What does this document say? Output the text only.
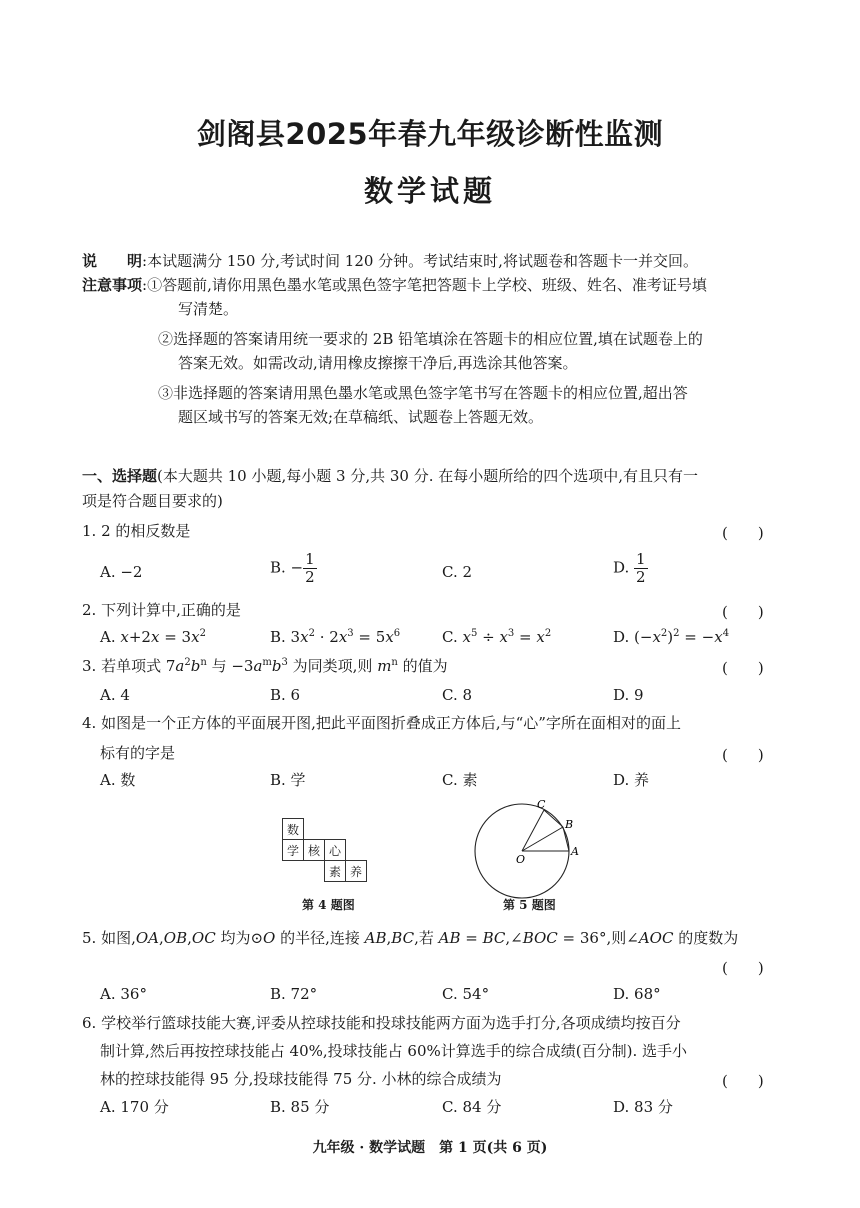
剑阁县2025年春九年级诊断性监测
数学试题
说　　明:本试题满分 150 分,考试时间 120 分钟。考试结束时,将试题卷和答题卡一并交回。
注意事项:①答题前,请你用黑色墨水笔或黑色签字笔把答题卡上学校、班级、姓名、准考证号填
写清楚。
②选择题的答案请用统一要求的 2B 铅笔填涂在答题卡的相应位置,填在试题卷上的
答案无效。如需改动,请用橡皮擦擦干净后,再选涂其他答案。
③非选择题的答案请用黑色墨水笔或黑色签字笔书写在答题卡的相应位置,超出答
题区域书写的答案无效;在草稿纸、试题卷上答题无效。
一、选择题(本大题共 10 小题,每小题 3 分,共 30 分. 在每小题所给的四个选项中,有且只有一
项是符合题目要求的)
1. 2 的相反数是	(　　)
A. −2	B. − $\frac{1}{2}$	C. 2	D. $\frac{1}{2}$
2. 下列计算中,正确的是	(　　)
A. $x+2x = 3x^2$	B. $3x^2 \cdot 2x^3 = 5x^6$	C. $x^5 \div x^3 = x^2$	D. $(-x^2)^2 = -x^4$
3. 若单项式 $7a^2b^n$ 与 $-3a^mb^3$ 为同类项,则 $m^n$ 的值为	(　　)
A. 4	B. 6	C. 8	D. 9
4. 如图是一个正方体的平面展开图,把此平面图折叠成正方体后,与“心”字所在面相对的面上
标有的字是	(　　)
A. 数	B. 学	C. 素	D. 养
数
学 核 心
素 养
第 4 题图
C
B
A
O
第 5 题图
5. 如图,OA,OB,OC 均为⊙O 的半径,连接 AB,BC,若 AB = BC,∠BOC = 36°,则∠AOC 的度数为
(　　)
A. 36°	B. 72°	C. 54°	D. 68°
6. 学校举行篮球技能大赛,评委从控球技能和投球技能两方面为选手打分,各项成绩均按百分
制计算,然后再按控球技能占 40%,投球技能占 60%计算选手的综合成绩(百分制). 选手小
林的控球技能得 95 分,投球技能得 75 分. 小林的综合成绩为	(　　)
A. 170 分	B. 85 分	C. 84 分	D. 83 分
九年级 · 数学试题　第 1 页(共 6 页)
